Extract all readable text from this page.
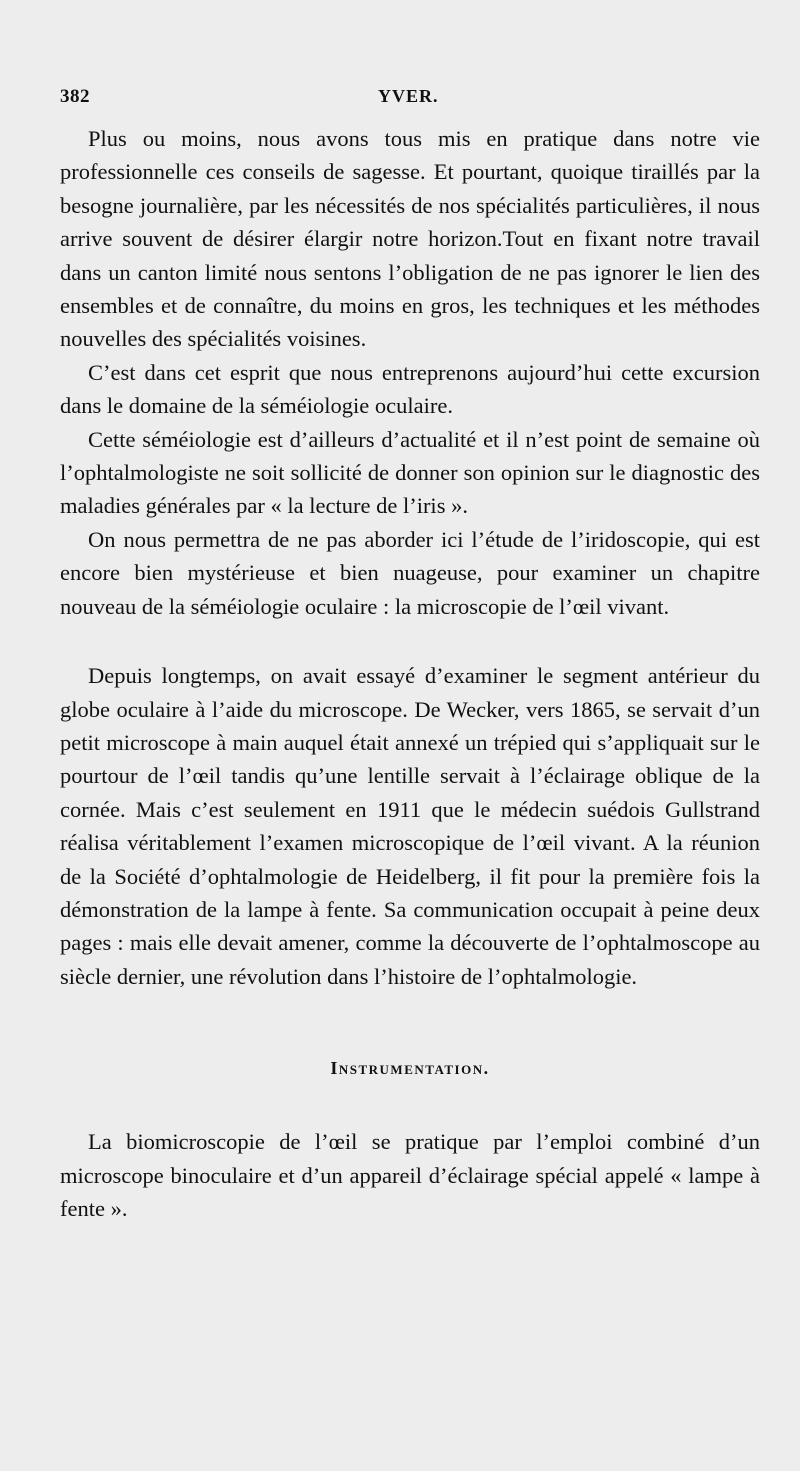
382	YVER.

Plus ou moins, nous avons tous mis en pratique dans notre vie professionnelle ces conseils de sagesse. Et pourtant, quoique tiraillés par la besogne journalière, par les nécessités de nos spécialités particulières, il nous arrive souvent de désirer élargir notre horizon.Tout en fixant notre travail dans un canton limité nous sentons l’obligation de ne pas ignorer le lien des ensembles et de connaître, du moins en gros, les techniques et les méthodes nouvelles des spécialités voisines.

C’est dans cet esprit que nous entreprenons aujourd’hui cette excursion dans le domaine de la séméiologie oculaire.

Cette séméiologie est d’ailleurs d’actualité et il n’est point de semaine où l’ophtalmologiste ne soit sollicité de donner son opinion sur le diagnostic des maladies générales par « la lecture de l’iris ».

On nous permettra de ne pas aborder ici l’étude de l’iridoscopie, qui est encore bien mystérieuse et bien nuageuse, pour examiner un chapitre nouveau de la séméiologie oculaire : la microscopie de l’œil vivant.

Depuis longtemps, on avait essayé d’examiner le segment antérieur du globe oculaire à l’aide du microscope. De Wecker, vers 1865, se servait d’un petit microscope à main auquel était annexé un trépied qui s’appliquait sur le pourtour de l’œil tandis qu’une lentille servait à l’éclairage oblique de la cornée. Mais c’est seulement en 1911 que le médecin suédois Gullstrand réalisa véritablement l’examen microscopique de l’œil vivant. A la réunion de la Société d’ophtalmologie de Heidelberg, il fit pour la première fois la démonstration de la lampe à fente. Sa communication occupait à peine deux pages : mais elle devait amener, comme la découverte de l’ophtalmoscope au siècle dernier, une révolution dans l’histoire de l’ophtalmologie.

Instrumentation.

La biomicroscopie de l’œil se pratique par l’emploi combiné d’un microscope binoculaire et d’un appareil d’éclairage spécial appelé « lampe à fente ».
